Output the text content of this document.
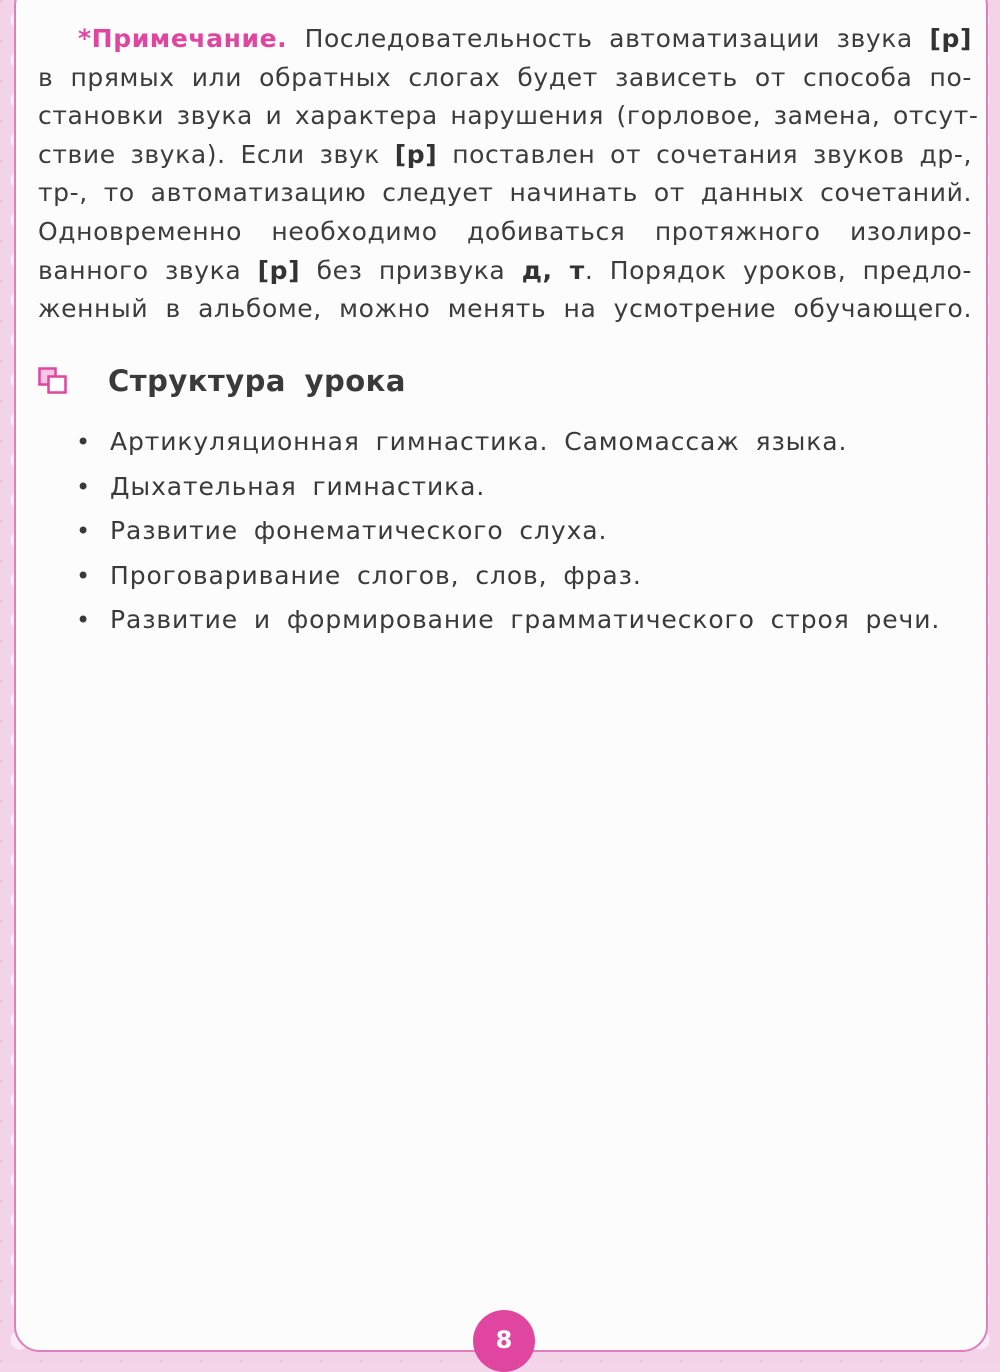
*Примечание. Последовательность автоматизации звука [р]
в прямых или обратных слогах будет зависеть от способа по-
становки звука и характера нарушения (горловое, замена, отсут-
ствие звука). Если звук [р] поставлен от сочетания звуков др-,
тр-, то автоматизацию следует начинать от данных сочетаний.
Одновременно необходимо добиваться протяжного изолиро-
ванного звука [р] без призвука д, т. Порядок уроков, предло-
женный в альбоме, можно менять на усмотрение обучающего.
Структура урока
• Артикуляционная гимнастика. Самомассаж языка.
• Дыхательная гимнастика.
• Развитие фонематического слуха.
• Проговаривание слогов, слов, фраз.
• Развитие и формирование грамматического строя речи.
8
